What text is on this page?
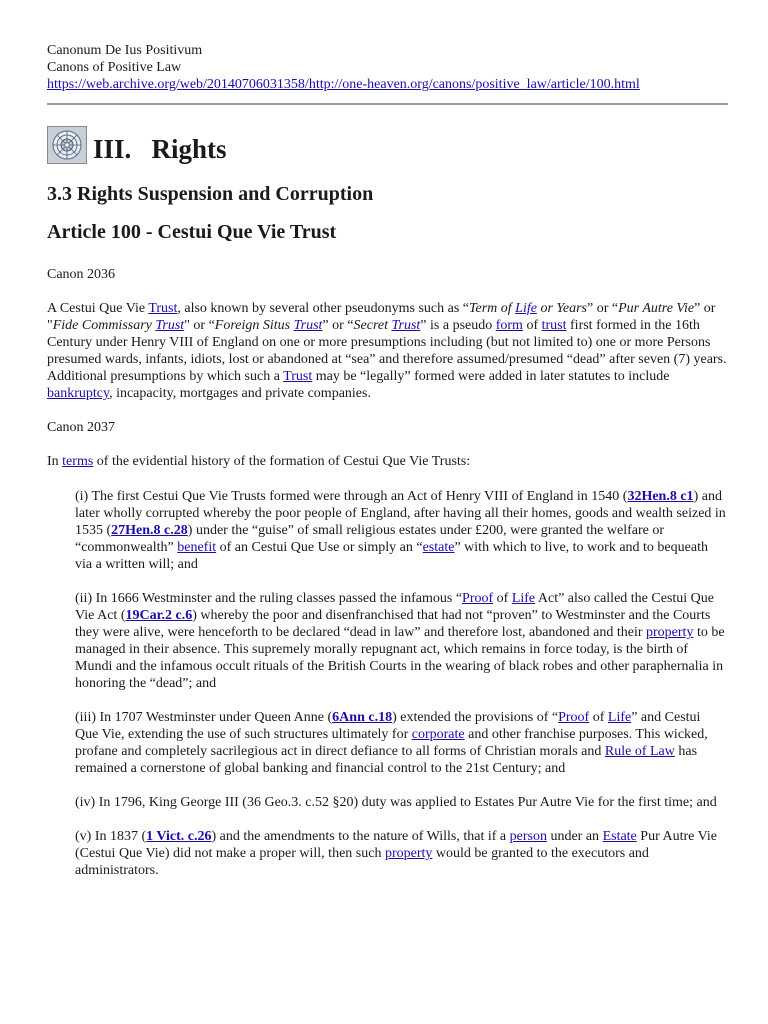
Canonum De Ius Positivum
Canons of Positive Law
https://web.archive.org/web/20140706031358/http://one-heaven.org/canons/positive_law/article/100.html
III.   Rights
3.3 Rights Suspension and Corruption
Article 100 - Cestui Que Vie Trust

Canon 2036

A Cestui Que Vie Trust, also known by several other pseudonyms such as “Term of Life or Years” or “Pur Autre Vie” or "Fide Commissary Trust" or “Foreign Situs Trust” or “Secret Trust” is a pseudo form of trust first formed in the 16th Century under Henry VIII of England on one or more presumptions including (but not limited to) one or more Persons presumed wards, infants, idiots, lost or abandoned at “sea” and therefore assumed/presumed “dead” after seven (7) years. Additional presumptions by which such a Trust may be “legally” formed were added in later statutes to include bankruptcy, incapacity, mortgages and private companies.

Canon 2037

In terms of the evidential history of the formation of Cestui Que Vie Trusts:

(i) The first Cestui Que Vie Trusts formed were through an Act of Henry VIII of England in 1540 (32Hen.8 c1) and later wholly corrupted whereby the poor people of England, after having all their homes, goods and wealth seized in 1535 (27Hen.8 c.28) under the “guise” of small religious estates under £200, were granted the welfare or “commonwealth” benefit of an Cestui Que Use or simply an “estate” with which to live, to work and to bequeath via a written will; and

(ii) In 1666 Westminster and the ruling classes passed the infamous “Proof of Life Act” also called the Cestui Que Vie Act (19Car.2 c.6) whereby the poor and disenfranchised that had not “proven” to Westminster and the Courts they were alive, were henceforth to be declared “dead in law” and therefore lost, abandoned and their property to be managed in their absence. This supremely morally repugnant act, which remains in force today, is the birth of Mundi and the infamous occult rituals of the British Courts in the wearing of black robes and other paraphernalia in honoring the “dead”; and

(iii) In 1707 Westminster under Queen Anne (6Ann c.18) extended the provisions of “Proof of Life” and Cestui Que Vie, extending the use of such structures ultimately for corporate and other franchise purposes. This wicked, profane and completely sacrilegious act in direct defiance to all forms of Christian morals and Rule of Law has remained a cornerstone of global banking and financial control to the 21st Century; and

(iv) In 1796, King George III (36 Geo.3. c.52 §20) duty was applied to Estates Pur Autre Vie for the first time; and

(v) In 1837 (1 Vict. c.26) and the amendments to the nature of Wills, that if a person under an Estate Pur Autre Vie (Cestui Que Vie) did not make a proper will, then such property would be granted to the executors and administrators.
